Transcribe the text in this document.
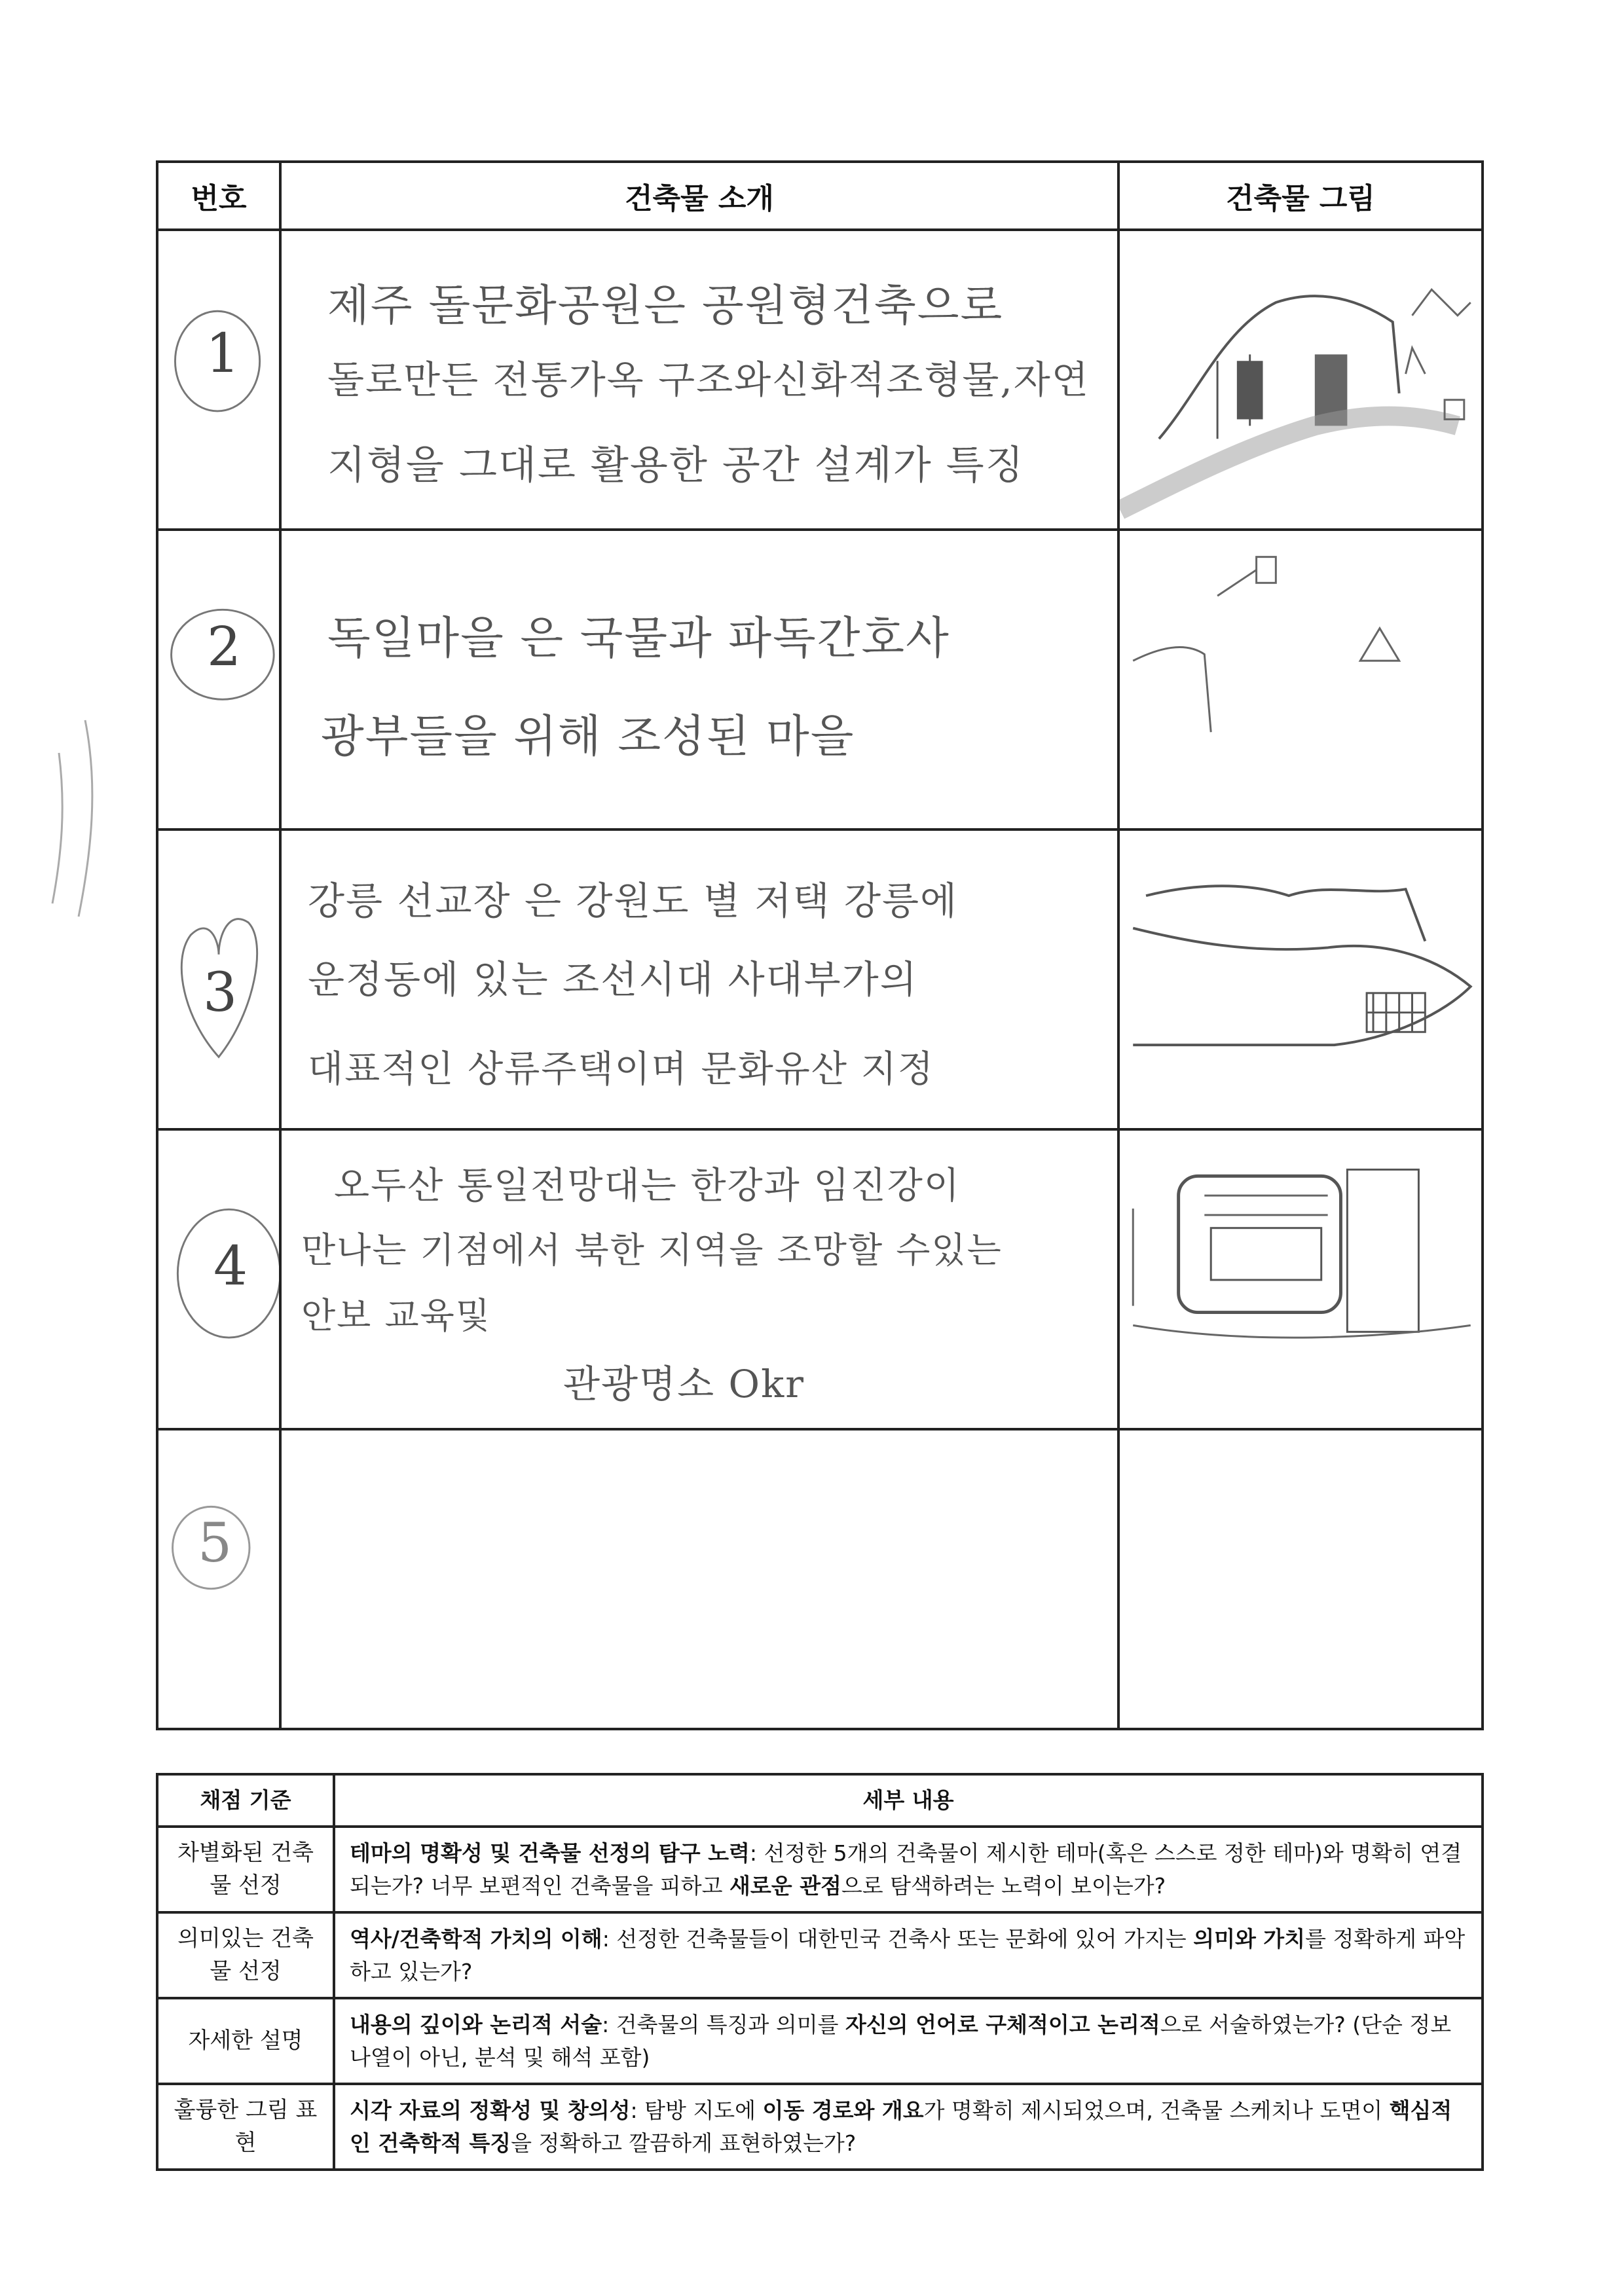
번호	건축물 소개	건축물 그림

1	제주 돌문화공원은 공원형건축으로
돌로만든 전통가옥 구조와신화적조형물,자연
지형을 그대로 활용한 공간 설계가 특징

2	독일마을 은 국물과 파독간호사
광부들을 위해 조성된 마을

3	강릉 선교장 은 강원도 별 저택 강릉에
운정동에 있는 조선시대 사대부가의
대표적인 상류주택이며 문화유산 지정

4	오두산 통일전망대는 한강과 임진강이
만나는 기점에서 북한 지역을 조망할 수있는
안보 교육및
관광명소 Okr

5		

채점 기준	세부 내용
차별화된 건축물 선정	테마의 명확성 및 건축물 선정의 탐구 노력: 선정한 5개의 건축물이 제시한 테마(혹은 스스로 정한 테마)와 명확히 연결되는가? 너무 보편적인 건축물을 피하고 새로운 관점으로 탐색하려는 노력이 보이는가?
의미있는 건축물 선정	역사/건축학적 가치의 이해: 선정한 건축물들이 대한민국 건축사 또는 문화에 있어 가지는 의미와 가치를 정확하게 파악하고 있는가?
자세한 설명	내용의 깊이와 논리적 서술: 건축물의 특징과 의미를 자신의 언어로 구체적이고 논리적으로 서술하였는가? (단순 정보 나열이 아닌, 분석 및 해석 포함)
훌륭한 그림 표현	시각 자료의 정확성 및 창의성: 탐방 지도에 이동 경로와 개요가 명확히 제시되었으며, 건축물 스케치나 도면이 핵심적인 건축학적 특징을 정확하고 깔끔하게 표현하였는가?
